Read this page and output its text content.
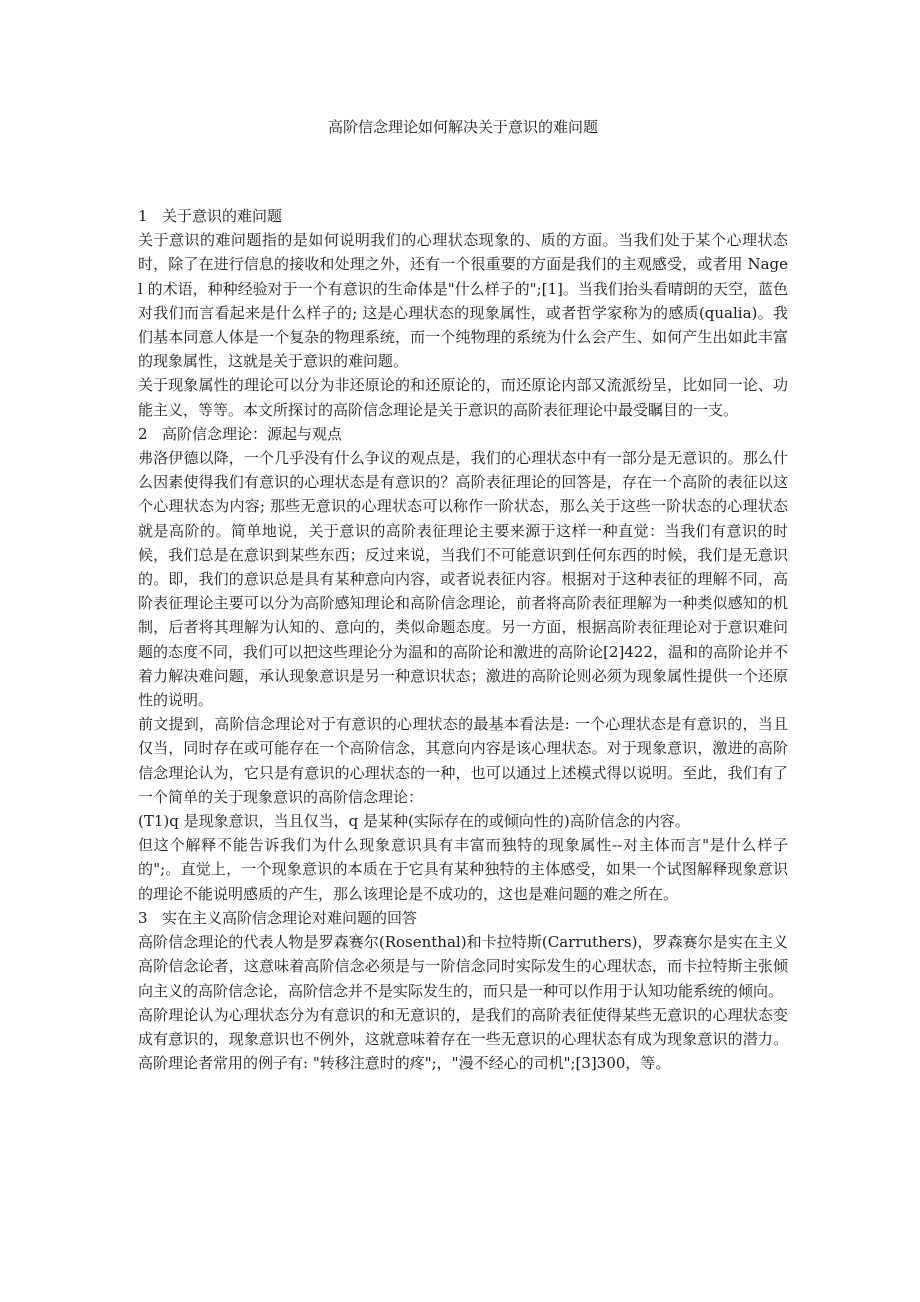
高阶信念理论如何解决关于意识的难问题

1 关于意识的难问题

关于意识的难问题指的是如何说明我们的心理状态现象的、质的方面。当我们处于某个心理状态时，除了在进行信息的接收和处理之外，还有一个很重要的方面是我们的主观感受，或者用 Nagel 的术语，种种经验对于一个有意识的生命体是"什么样子的";[1]。当我们抬头看晴朗的天空，蓝色对我们而言看起来是什么样子的; 这是心理状态的现象属性，或者哲学家称为的感质(qualia)。我们基本同意人体是一个复杂的物理系统，而一个纯物理的系统为什么会产生、如何产生出如此丰富的现象属性，这就是关于意识的难问题。

关于现象属性的理论可以分为非还原论的和还原论的，而还原论内部又流派纷呈，比如同一论、功能主义，等等。本文所探讨的高阶信念理论是关于意识的高阶表征理论中最受瞩目的一支。

2 高阶信念理论：源起与观点

弗洛伊德以降，一个几乎没有什么争议的观点是，我们的心理状态中有一部分是无意识的。那么什么因素使得我们有意识的心理状态是有意识的？高阶表征理论的回答是，存在一个高阶的表征以这个心理状态为内容; 那些无意识的心理状态可以称作一阶状态，那么关于这些一阶状态的心理状态就是高阶的。简单地说，关于意识的高阶表征理论主要来源于这样一种直觉：当我们有意识的时候，我们总是在意识到某些东西；反过来说，当我们不可能意识到任何东西的时候，我们是无意识的。即，我们的意识总是具有某种意向内容，或者说表征内容。根据对于这种表征的理解不同，高阶表征理论主要可以分为高阶感知理论和高阶信念理论，前者将高阶表征理解为一种类似感知的机制，后者将其理解为认知的、意向的，类似命题态度。另一方面，根据高阶表征理论对于意识难问题的态度不同，我们可以把这些理论分为温和的高阶论和激进的高阶论[2]422，温和的高阶论并不着力解决难问题，承认现象意识是另一种意识状态；激进的高阶论则必须为现象属性提供一个还原性的说明。

前文提到，高阶信念理论对于有意识的心理状态的最基本看法是: 一个心理状态是有意识的，当且仅当，同时存在或可能存在一个高阶信念，其意向内容是该心理状态。对于现象意识，激进的高阶信念理论认为，它只是有意识的心理状态的一种，也可以通过上述模式得以说明。至此，我们有了一个简单的关于现象意识的高阶信念理论：

(T1)q 是现象意识，当且仅当，q 是某种(实际存在的或倾向性的)高阶信念的内容。

但这个解释不能告诉我们为什么现象意识具有丰富而独特的现象属性--对主体而言"是什么样子的";。直觉上，一个现象意识的本质在于它具有某种独特的主体感受，如果一个试图解释现象意识的理论不能说明感质的产生，那么该理论是不成功的，这也是难问题的难之所在。

3 实在主义高阶信念理论对难问题的回答

高阶信念理论的代表人物是罗森赛尔(Rosenthal)和卡拉特斯(Carruthers)，罗森赛尔是实在主义高阶信念论者，这意味着高阶信念必须是与一阶信念同时实际发生的心理状态，而卡拉特斯主张倾向主义的高阶信念论，高阶信念并不是实际发生的，而只是一种可以作用于认知功能系统的倾向。

高阶理论认为心理状态分为有意识的和无意识的，是我们的高阶表征使得某些无意识的心理状态变成有意识的，现象意识也不例外，这就意味着存在一些无意识的心理状态有成为现象意识的潜力。高阶理论者常用的例子有: "转移注意时的疼";，"漫不经心的司机";[3]300，等。
